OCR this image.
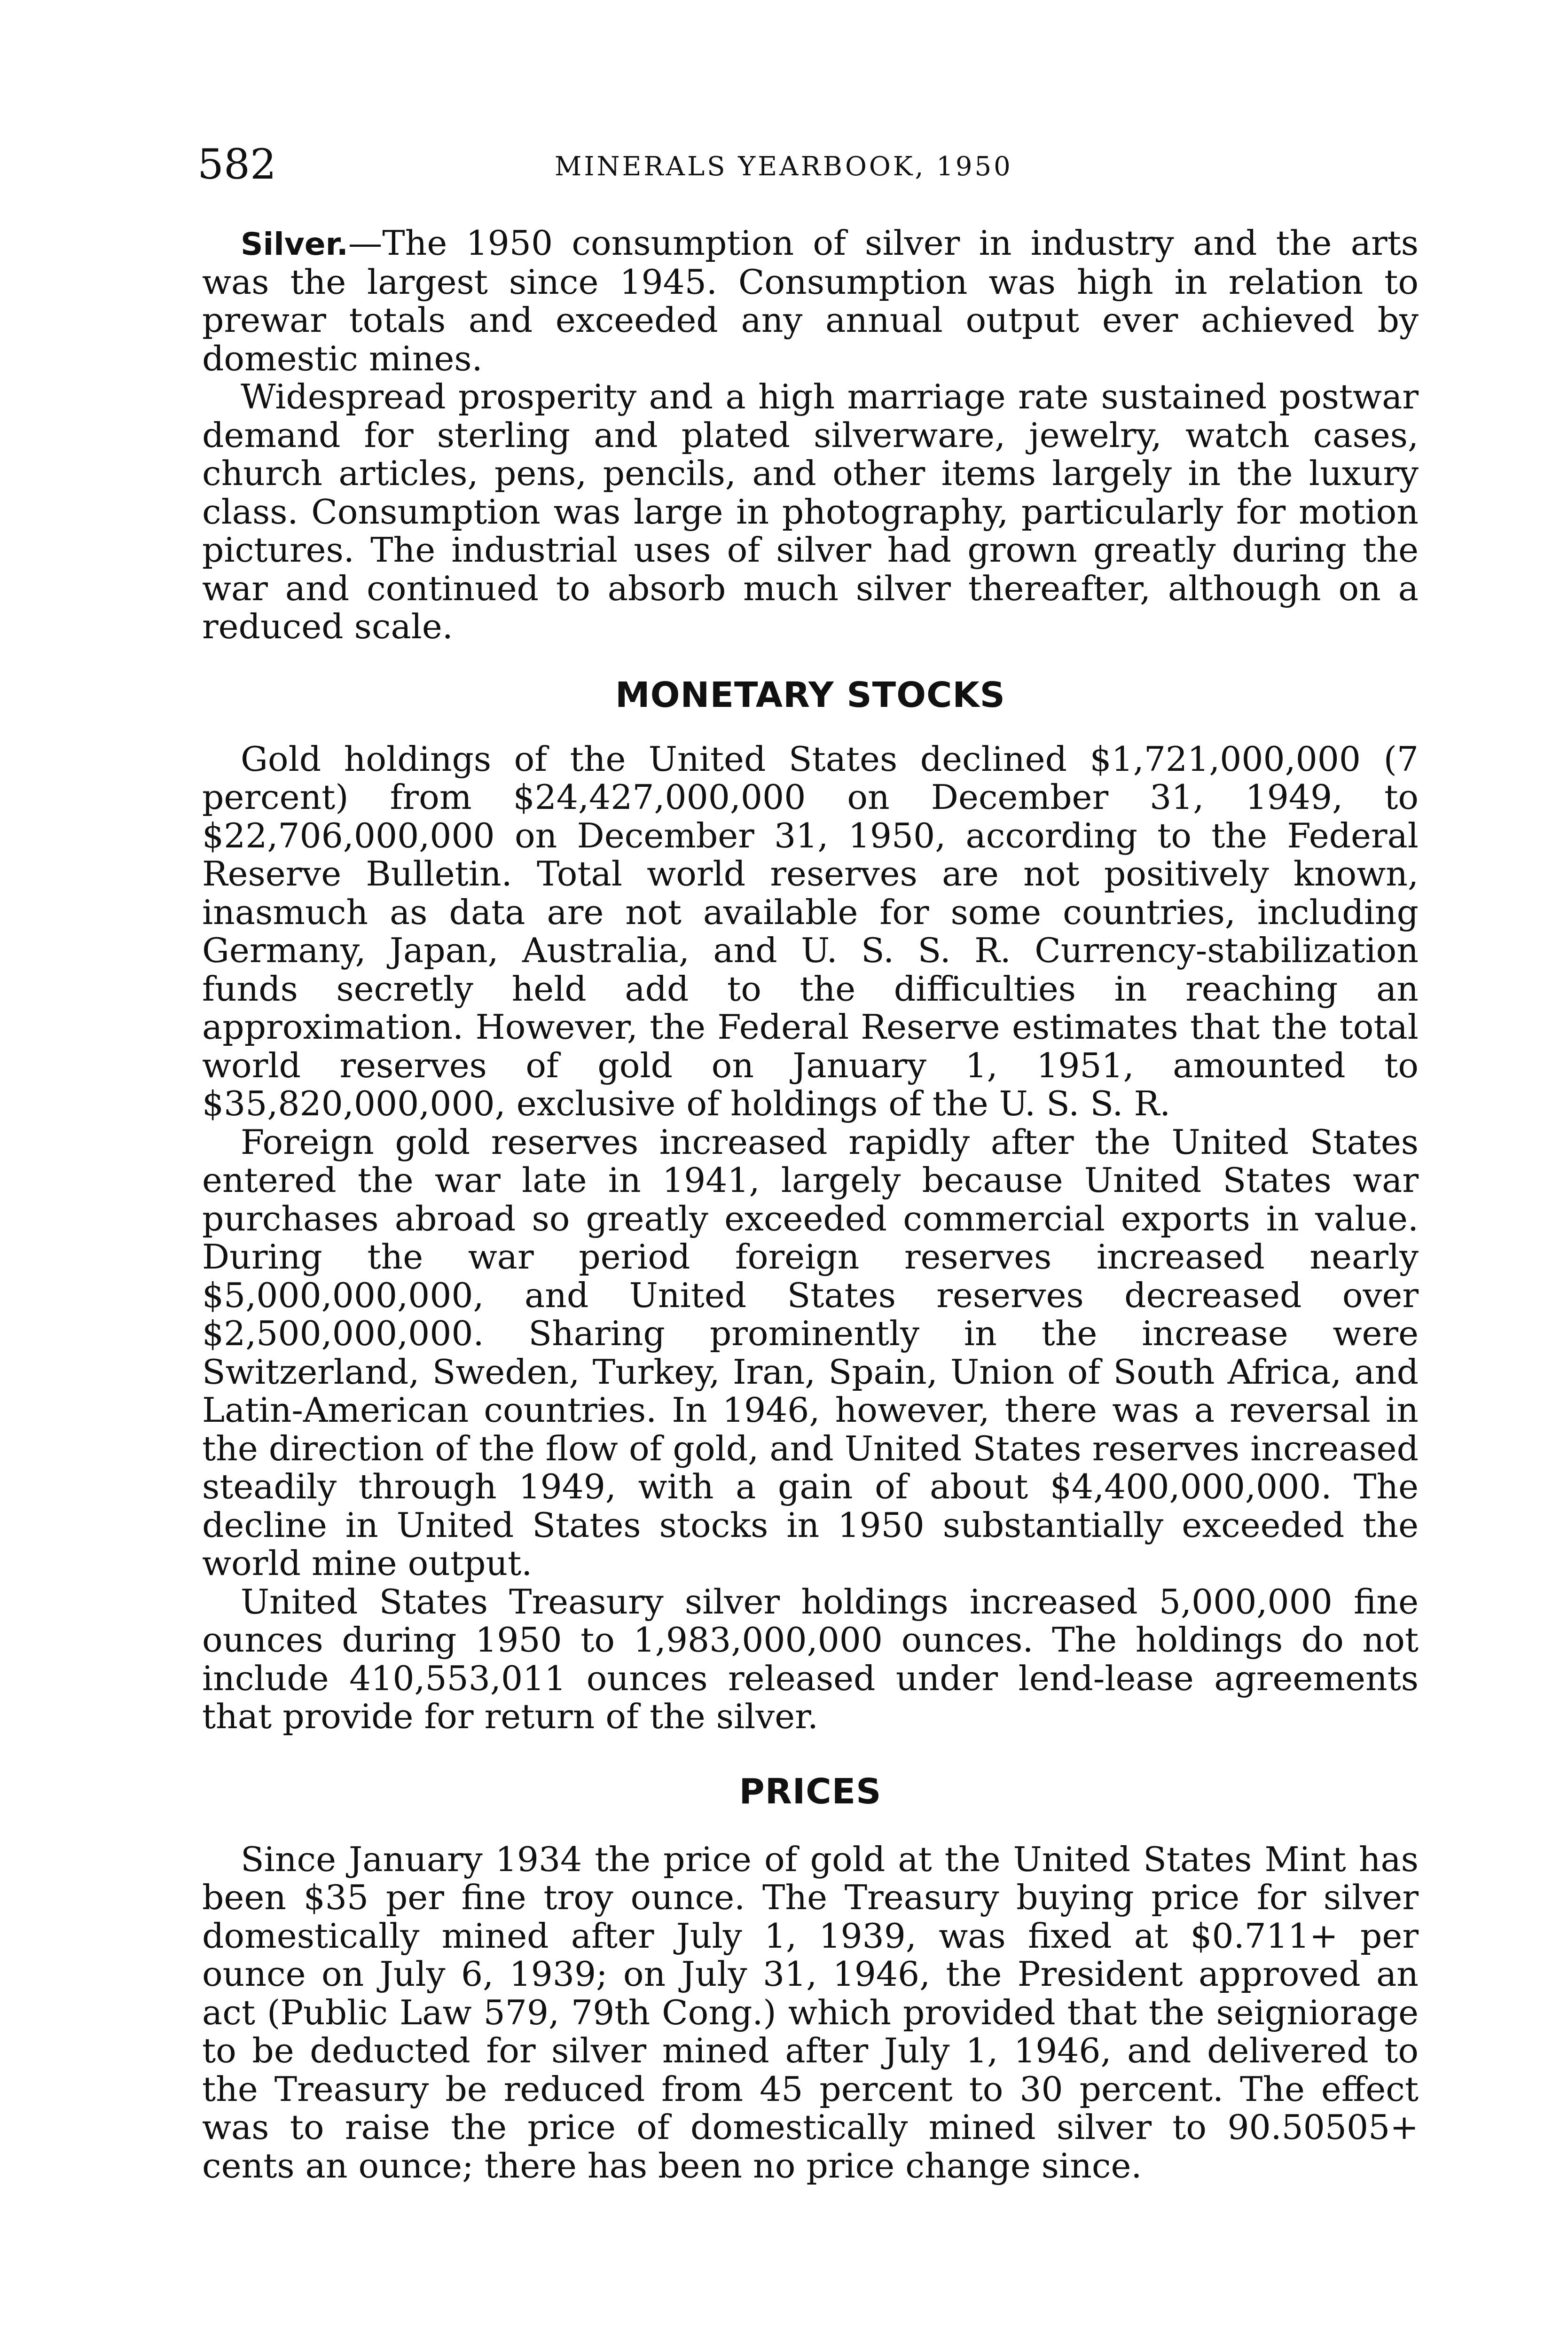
582	MINERALS YEARBOOK, 1950

Silver.—The 1950 consumption of silver in industry and the arts was the largest since 1945. Consumption was high in relation to prewar totals and exceeded any annual output ever achieved by domestic mines.

Widespread prosperity and a high marriage rate sustained postwar demand for sterling and plated silverware, jewelry, watch cases, church articles, pens, pencils, and other items largely in the luxury class. Consumption was large in photography, particularly for motion pictures. The industrial uses of silver had grown greatly during the war and continued to absorb much silver thereafter, although on a reduced scale.

MONETARY STOCKS

Gold holdings of the United States declined $1,721,000,000 (7 percent) from $24,427,000,000 on December 31, 1949, to $22,706,000,000 on December 31, 1950, according to the Federal Reserve Bulletin. Total world reserves are not positively known, inasmuch as data are not available for some countries, including Germany, Japan, Australia, and U. S. S. R. Currency-stabilization funds secretly held add to the difficulties in reaching an approximation. However, the Federal Reserve estimates that the total world reserves of gold on January 1, 1951, amounted to $35,820,000,000, exclusive of holdings of the U. S. S. R.

Foreign gold reserves increased rapidly after the United States entered the war late in 1941, largely because United States war purchases abroad so greatly exceeded commercial exports in value. During the war period foreign reserves increased nearly $5,000,000,000, and United States reserves decreased over $2,500,000,000. Sharing prominently in the increase were Switzerland, Sweden, Turkey, Iran, Spain, Union of South Africa, and Latin-American countries. In 1946, however, there was a reversal in the direction of the flow of gold, and United States reserves increased steadily through 1949, with a gain of about $4,400,000,000. The decline in United States stocks in 1950 substantially exceeded the world mine output.

United States Treasury silver holdings increased 5,000,000 fine ounces during 1950 to 1,983,000,000 ounces. The holdings do not include 410,553,011 ounces released under lend-lease agreements that provide for return of the silver.

PRICES

Since January 1934 the price of gold at the United States Mint has been $35 per fine troy ounce. The Treasury buying price for silver domestically mined after July 1, 1939, was fixed at $0.711+ per ounce on July 6, 1939; on July 31, 1946, the President approved an act (Public Law 579, 79th Cong.) which provided that the seigniorage to be deducted for silver mined after July 1, 1946, and delivered to the Treasury be reduced from 45 percent to 30 percent. The effect was to raise the price of domestically mined silver to 90.50505+ cents an ounce; there has been no price change since.
